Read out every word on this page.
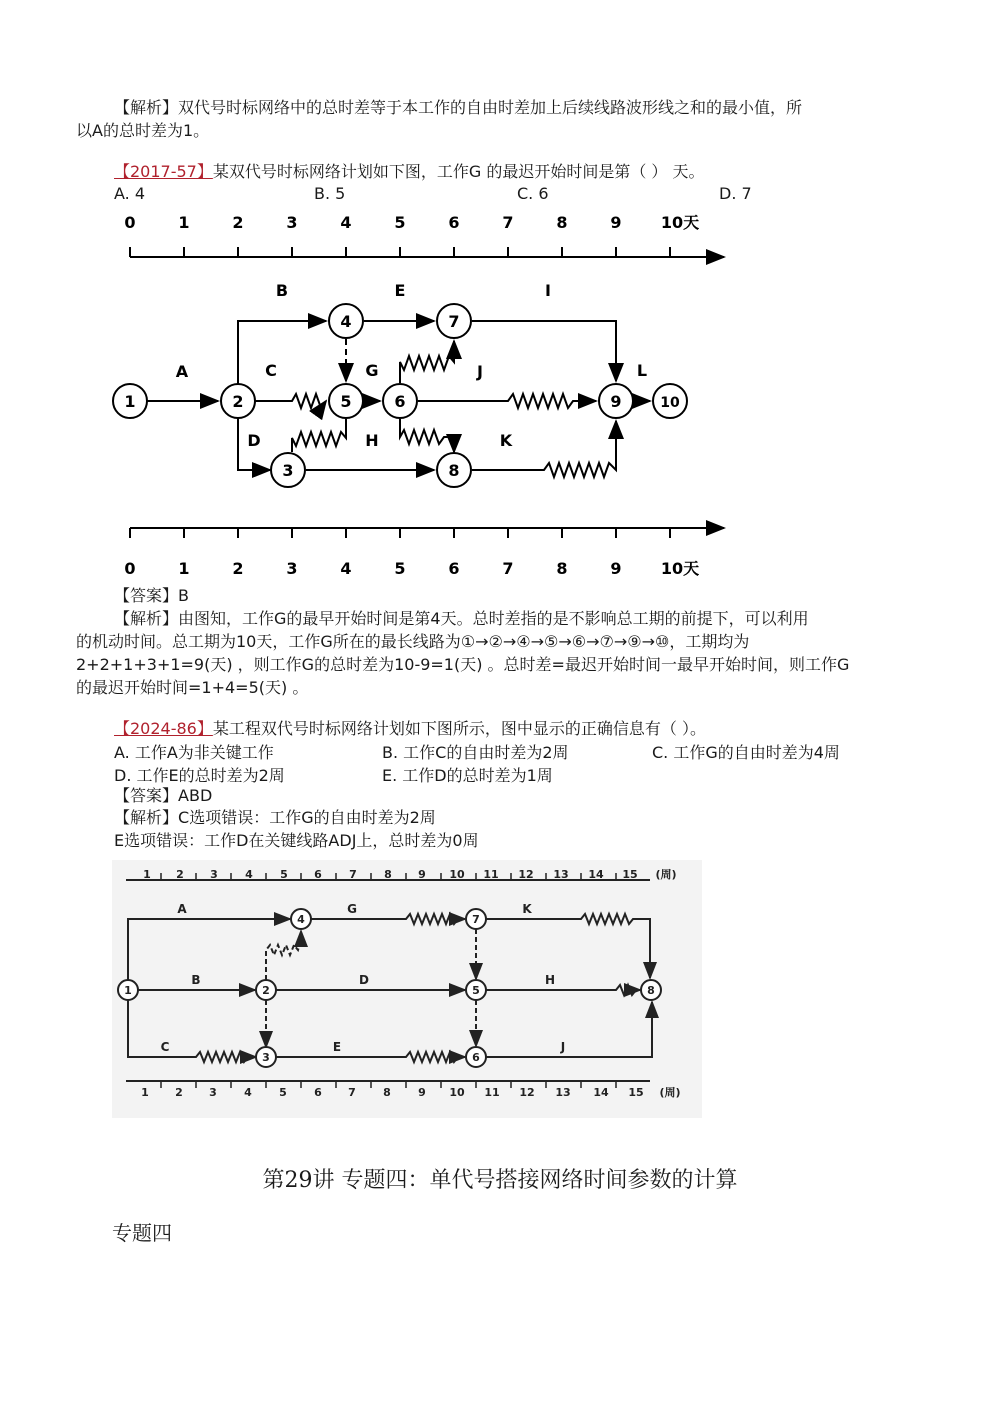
【解析】双代号时标网络中的总时差等于本工作的自由时差加上后续线路波形线之和的最小值，所
以A的总时差为1。
【2017-57】某双代号时标网络计划如下图，工作G 的最迟开始时间是第（ ） 天。
A. 4	B. 5	C. 6	D. 7
1	2
3
4
5	6
7
8
9	10
A
B
C
D
E
G
H
I
J
K
L
0	1	2	3	4	5	6	7	8	9 10天
0	1	2	3	4	5	6	7	8	9 10天
【答案】B
【解析】由图知，工作G的最早开始时间是第4天。总时差指的是不影响总工期的前提下，可以利用
的机动时间。总工期为10天，工作G所在的最长线路为①→②→④→⑤→⑥→⑦→⑨→⑩，工期均为
2+2+1+3+1=9(天) ，则工作G的总时差为10-9=1(天) 。总时差=最迟开始时间一最早开始时间，则工作G
的最迟开始时间=1+4=5(天) 。
【2024-86】某工程双代号时标网络计划如下图所示，图中显示的正确信息有（ ）。
A. 工作A为非关键工作	B. 工作C的自由时差为2周	C. 工作G的自由时差为4周
D. 工作E的总时差为2周	E. 工作D的总时差为1周
【答案】ABD
【解析】C选项错误：工作G的自由时差为2周
E选项错误：工作D在关键线路ADJ上，总时差为0周
1	2
3
4
5
6
7
8
A
B
C
D
E
G
H
J
K
1 2 3 4 5 6 7 8 9 10 11 12 13 14 15 (周)
1 2 3 4 5 6 7 8 9 10 11 12 13 14 15 (周)
第29讲 专题四：单代号搭接网络时间参数的计算
专题四
